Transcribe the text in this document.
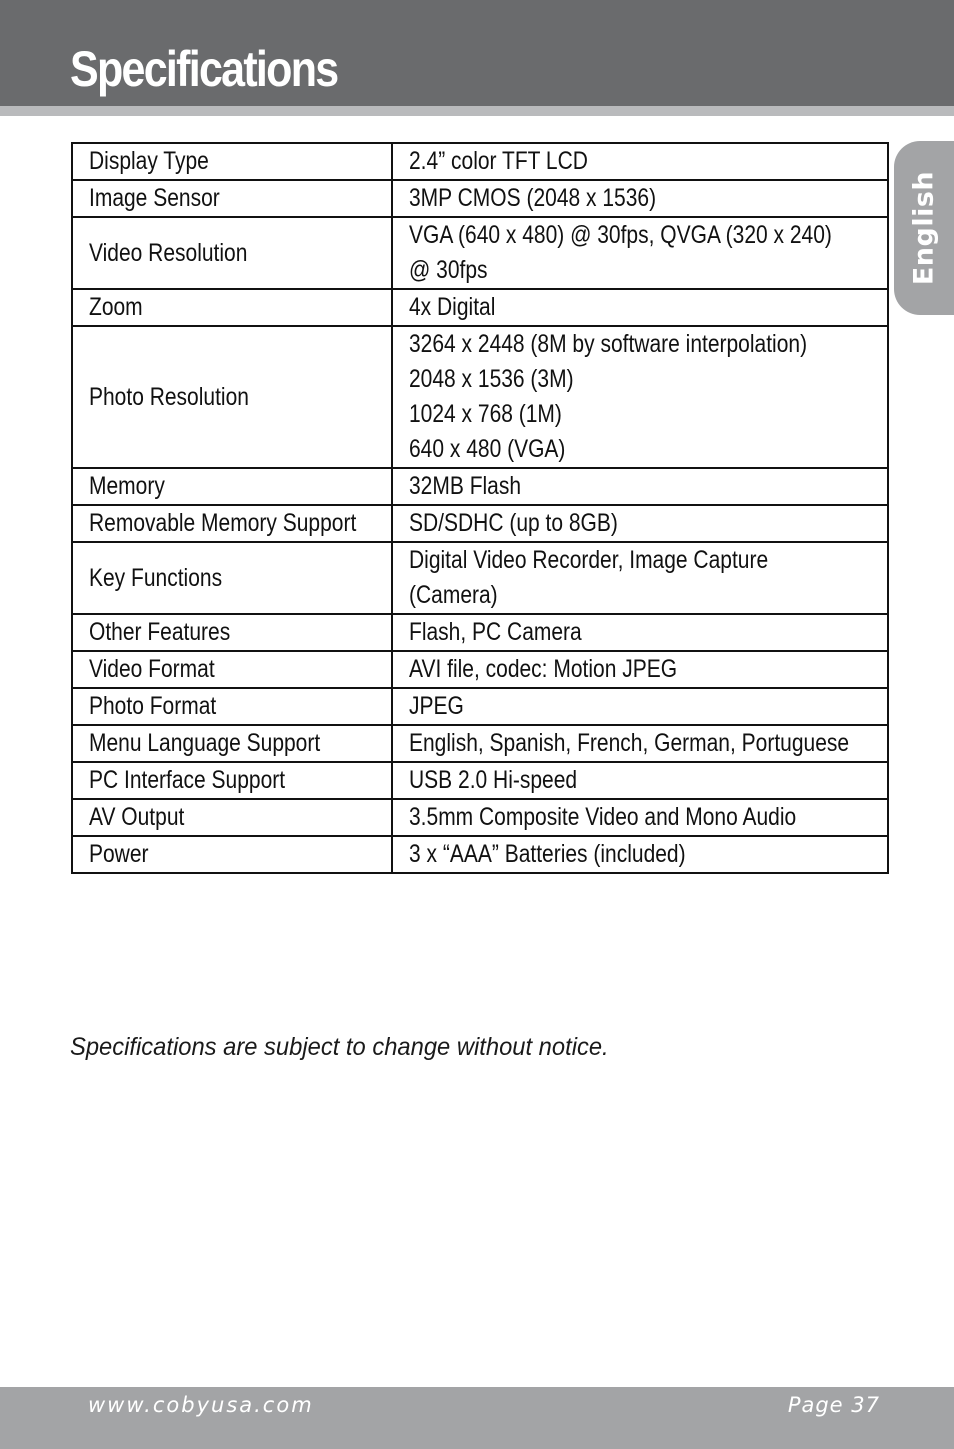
Specifications
English
Display Type	2.4” color TFT LCD

Image Sensor	3MP CMOS (2048 x 1536)

Video Resolution	VGA (640 x 480) @ 30fps, QVGA (320 x 240)
@ 30fps

Zoom	4x Digital

Photo Resolution	3264 x 2448 (8M by software interpolation)
2048 x 1536 (3M)
1024 x 768 (1M)
640 x 480 (VGA)

Memory	32MB Flash

Removable Memory Support	SD/SDHC (up to 8GB)

Key Functions	Digital Video Recorder, Image Capture
(Camera)

Other Features	Flash, PC Camera

Video Format	AVI file, codec: Motion JPEG

Photo Format	JPEG

Menu Language Support	English, Spanish, French, German, Portuguese

PC Interface Support	USB 2.0 Hi-speed

AV Output	3.5mm Composite Video and Mono Audio

Power	3 x “AAA” Batteries (included)

Specifications are subject to change without notice.

www.cobyusa.com	Page 37
